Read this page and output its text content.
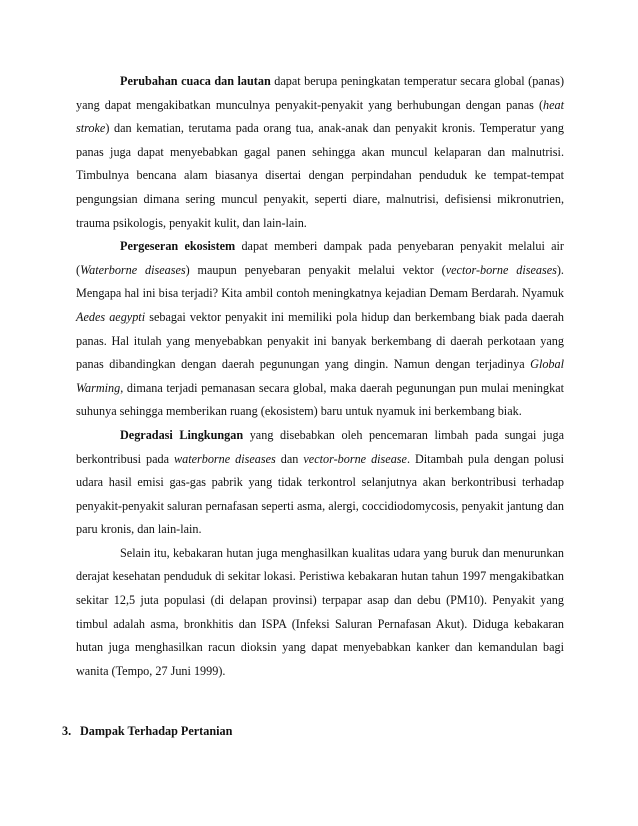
Perubahan cuaca dan lautan dapat berupa peningkatan temperatur secara global (panas) yang dapat mengakibatkan munculnya penyakit-penyakit yang berhubungan dengan panas (heat stroke) dan kematian, terutama pada orang tua, anak-anak dan penyakit kronis. Temperatur yang panas juga dapat menyebabkan gagal panen sehingga akan muncul kelaparan dan malnutrisi. Timbulnya bencana alam biasanya disertai dengan perpindahan penduduk ke tempat-tempat pengungsian dimana sering muncul penyakit, seperti diare, malnutrisi, defisiensi mikronutrien, trauma psikologis, penyakit kulit, dan lain-lain.

Pergeseran ekosistem dapat memberi dampak pada penyebaran penyakit melalui air (Waterborne diseases) maupun penyebaran penyakit melalui vektor (vector-borne diseases). Mengapa hal ini bisa terjadi? Kita ambil contoh meningkatnya kejadian Demam Berdarah. Nyamuk Aedes aegypti sebagai vektor penyakit ini memiliki pola hidup dan berkembang biak pada daerah panas. Hal itulah yang menyebabkan penyakit ini banyak berkembang di daerah perkotaan yang panas dibandingkan dengan daerah pegunungan yang dingin. Namun dengan terjadinya Global Warming, dimana terjadi pemanasan secara global, maka daerah pegunungan pun mulai meningkat suhunya sehingga memberikan ruang (ekosistem) baru untuk nyamuk ini berkembang biak.

Degradasi Lingkungan yang disebabkan oleh pencemaran limbah pada sungai juga berkontribusi pada waterborne diseases dan vector-borne disease. Ditambah pula dengan polusi udara hasil emisi gas-gas pabrik yang tidak terkontrol selanjutnya akan berkontribusi terhadap penyakit-penyakit saluran pernafasan seperti asma, alergi, coccidiodomycosis, penyakit jantung dan paru kronis, dan lain-lain.

Selain itu, kebakaran hutan juga menghasilkan kualitas udara yang buruk dan menurunkan derajat kesehatan penduduk di sekitar lokasi. Peristiwa kebakaran hutan tahun 1997 mengakibatkan sekitar 12,5 juta populasi (di delapan provinsi) terpapar asap dan debu (PM10). Penyakit yang timbul adalah asma, bronkhitis dan ISPA (Infeksi Saluran Pernafasan Akut). Diduga kebakaran hutan juga menghasilkan racun dioksin yang dapat menyebabkan kanker dan kemandulan bagi wanita (Tempo, 27 Juni 1999).

3. Dampak Terhadap Pertanian
